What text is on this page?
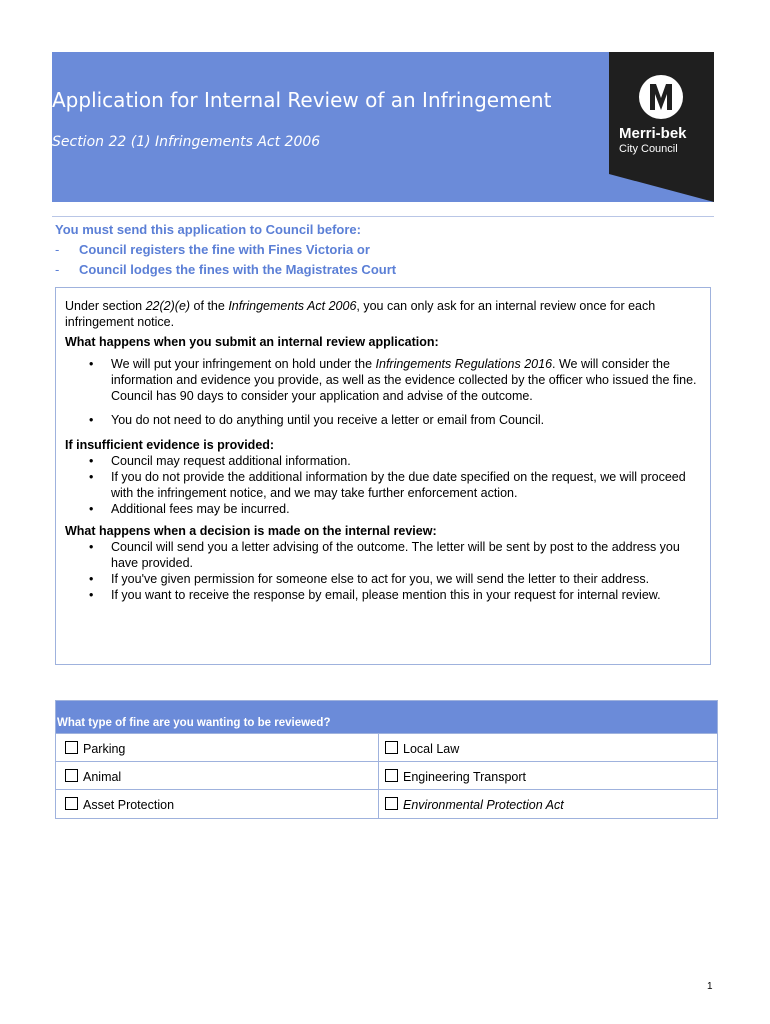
Application for Internal Review of an Infringement
Section 22 (1) Infringements Act 2006	Merri-bek
City Council
You must send this application to Council before:
- Council registers the fine with Fines Victoria or
- Council lodges the fines with the Magistrates Court

Under section 22(2)(e) of the Infringements Act 2006, you can only ask for an internal review once for each infringement notice.

What happens when you submit an internal review application:

• We will put your infringement on hold under the Infringements Regulations 2016. We will consider the information and evidence you provide, as well as the evidence collected by the officer who issued the fine. Council has 90 days to consider your application and advise of the outcome.
• You do not need to do anything until you receive a letter or email from Council.

If insufficient evidence is provided:

• Council may request additional information.
• If you do not provide the additional information by the due date specified on the request, we will proceed with the infringement notice, and we may take further enforcement action.
• Additional fees may be incurred.

What happens when a decision is made on the internal review:

• Council will send you a letter advising of the outcome. The letter will be sent by post to the address you have provided.
• If you've given permission for someone else to act for you, we will send the letter to their address.
• If you want to receive the response by email, please mention this in your request for internal review.
What type of fine are you wanting to be reviewed?
Parking	Local Law
Animal	Engineering Transport
Asset Protection	Environmental Protection Act
1
